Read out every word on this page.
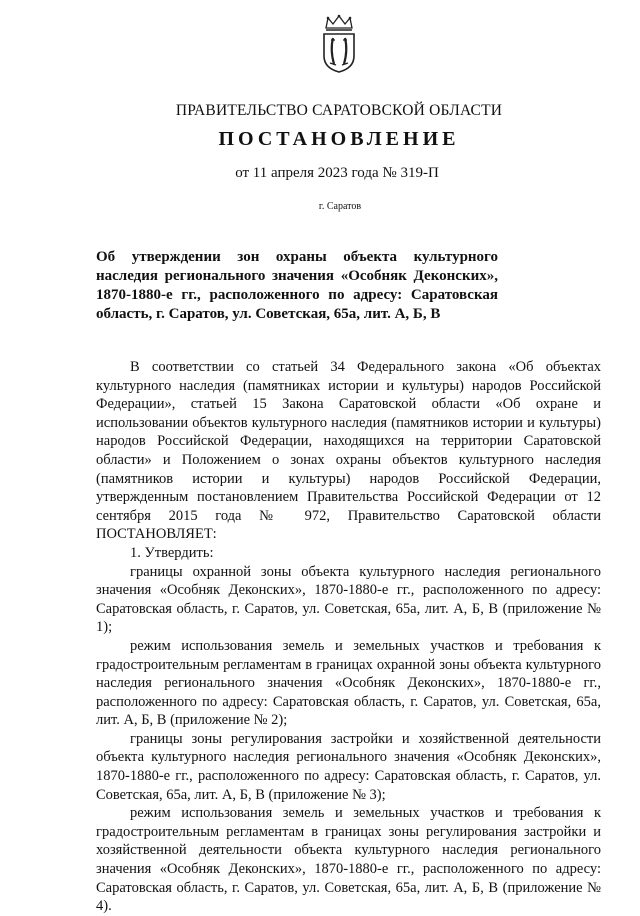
ПРАВИТЕЛЬСТВО САРАТОВСКОЙ ОБЛАСТИ
ПОСТАНОВЛЕНИЕ
от 11 апреля 2023 года № 319-П
г. Саратов
Об утверждении зон охраны объекта культурного наследия регионального значения «Особняк Деконских», 1870-1880-е гг., расположенного по адресу: Саратовская область, г. Саратов, ул. Советская, 65а, лит. А, Б, В

В соответствии со статьей 34 Федерального закона «Об объектах культурного наследия (памятниках истории и культуры) народов Российской Федерации», статьей 15 Закона Саратовской области «Об охране и использовании объектов культурного наследия (памятников истории и культуры) народов Российской Федерации, находящихся на территории Саратовской области» и Положением о зонах охраны объектов культурного наследия (памятников истории и культуры) народов Российской Федерации, утвержденным постановлением Правительства Российской Федерации от 12 сентября 2015 года № 972, Правительство Саратовской области ПОСТАНОВЛЯЕТ:

1. Утвердить:

границы охранной зоны объекта культурного наследия регионального значения «Особняк Деконских», 1870-1880-е гг., расположенного по адресу: Саратовская область, г. Саратов, ул. Советская, 65а, лит. А, Б, В (приложение № 1);

режим использования земель и земельных участков и требования к градостроительным регламентам в границах охранной зоны объекта культурного наследия регионального значения «Особняк Деконских», 1870-1880-е гг., расположенного по адресу: Саратовская область, г. Саратов, ул. Советская, 65а, лит. А, Б, В (приложение № 2);

границы зоны регулирования застройки и хозяйственной деятельности объекта культурного наследия регионального значения «Особняк Деконских», 1870-1880-е гг., расположенного по адресу: Саратовская область, г. Саратов, ул. Советская, 65а, лит. А, Б, В (приложение № 3);

режим использования земель и земельных участков и требования к градостроительным регламентам в границах зоны регулирования застройки и хозяйственной деятельности объекта культурного наследия регионального значения «Особняк Деконских», 1870-1880-е гг., расположенного по адресу: Саратовская область, г. Саратов, ул. Советская, 65а, лит. А, Б, В (приложение № 4).
